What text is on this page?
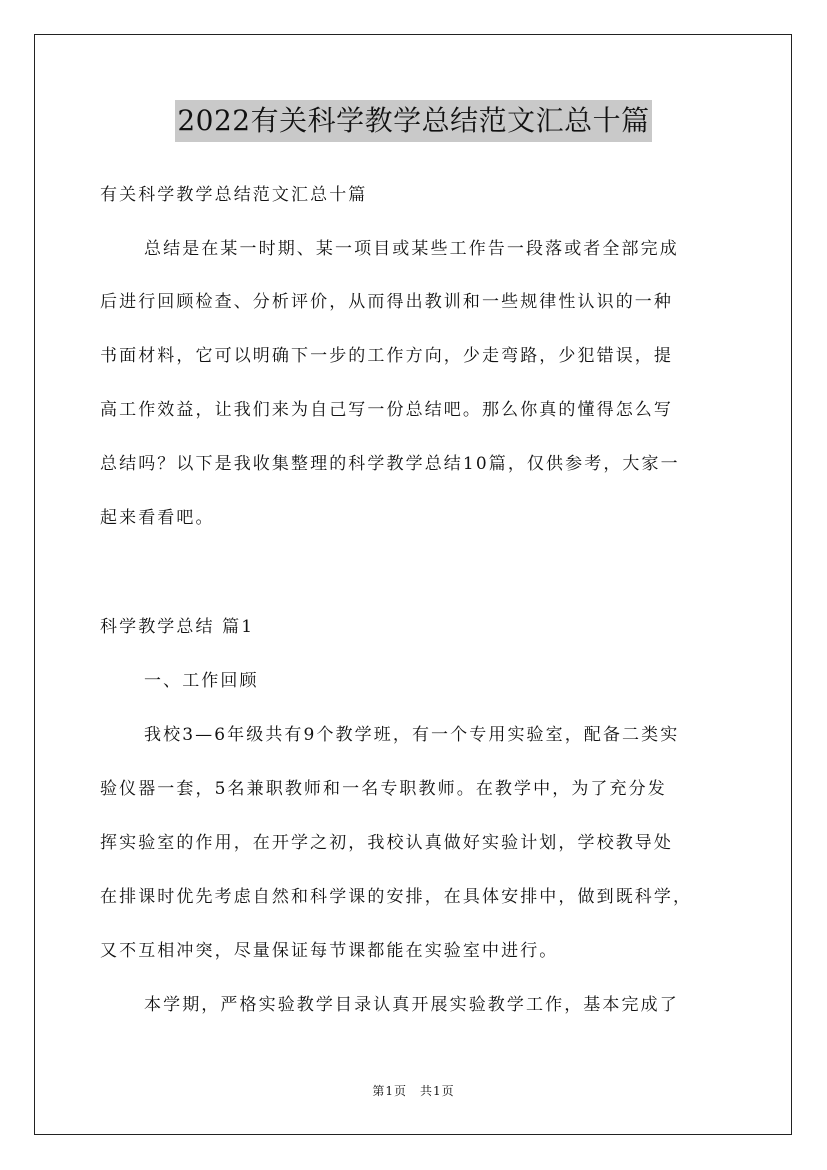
2022有关科学教学总结范文汇总十篇

有关科学教学总结范文汇总十篇

总结是在某一时期、某一项目或某些工作告一段落或者全部完成

后进行回顾检查、分析评价，从而得出教训和一些规律性认识的一种

书面材料，它可以明确下一步的工作方向，少走弯路，少犯错误，提

高工作效益，让我们来为自己写一份总结吧。那么你真的懂得怎么写

总结吗？以下是我收集整理的科学教学总结10篇，仅供参考，大家一

起来看看吧。

科学教学总结 篇1

一、工作回顾

我校3—6年级共有9个教学班，有一个专用实验室，配备二类实

验仪器一套，5名兼职教师和一名专职教师。在教学中，为了充分发

挥实验室的作用，在开学之初，我校认真做好实验计划，学校教导处

在排课时优先考虑自然和科学课的安排，在具体安排中，做到既科学，

又不互相冲突，尽量保证每节课都能在实验室中进行。

本学期，严格实验教学目录认真开展实验教学工作，基本完成了

第1页　共1页
